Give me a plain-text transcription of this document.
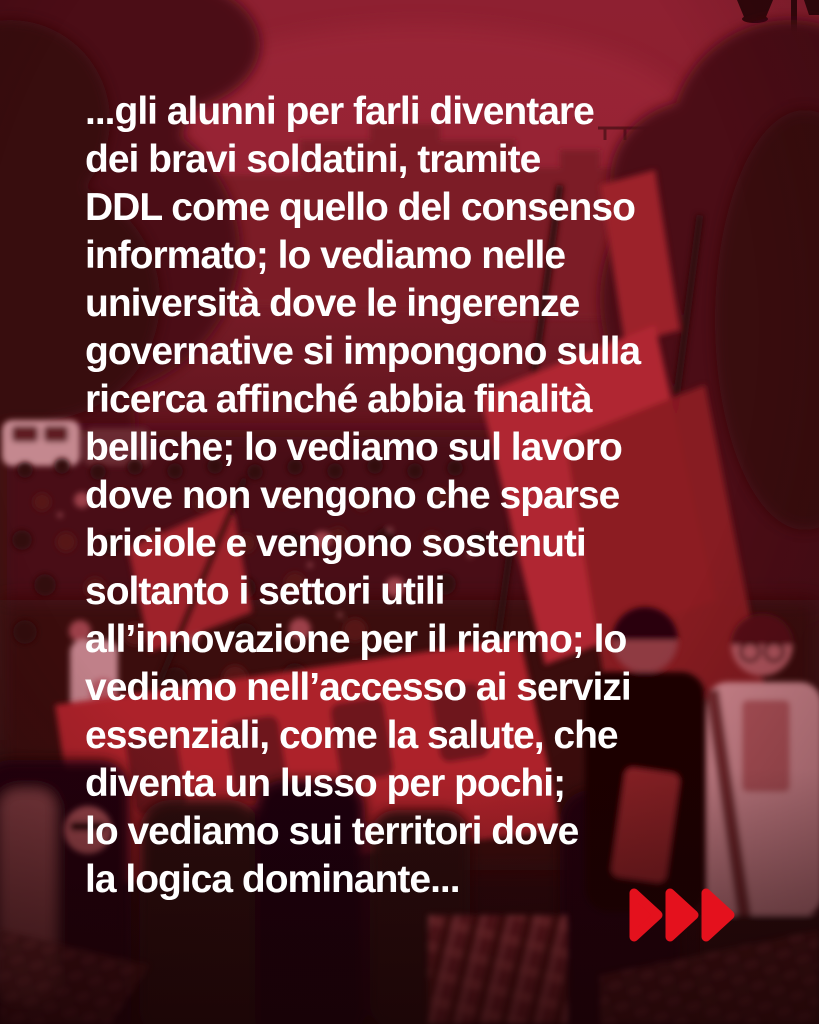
...gli alunni per farli diventare
dei bravi soldatini, tramite
DDL come quello del consenso
informato; lo vediamo nelle
università dove le ingerenze
governative si impongono sulla
ricerca affinché abbia finalità
belliche; lo vediamo sul lavoro
dove non vengono che sparse
briciole e vengono sostenuti
soltanto i settori utili
all’innovazione per il riarmo; lo
vediamo nell’accesso ai servizi
essenziali, come la salute, che
diventa un lusso per pochi;
lo vediamo sui territori dove
la logica dominante...
